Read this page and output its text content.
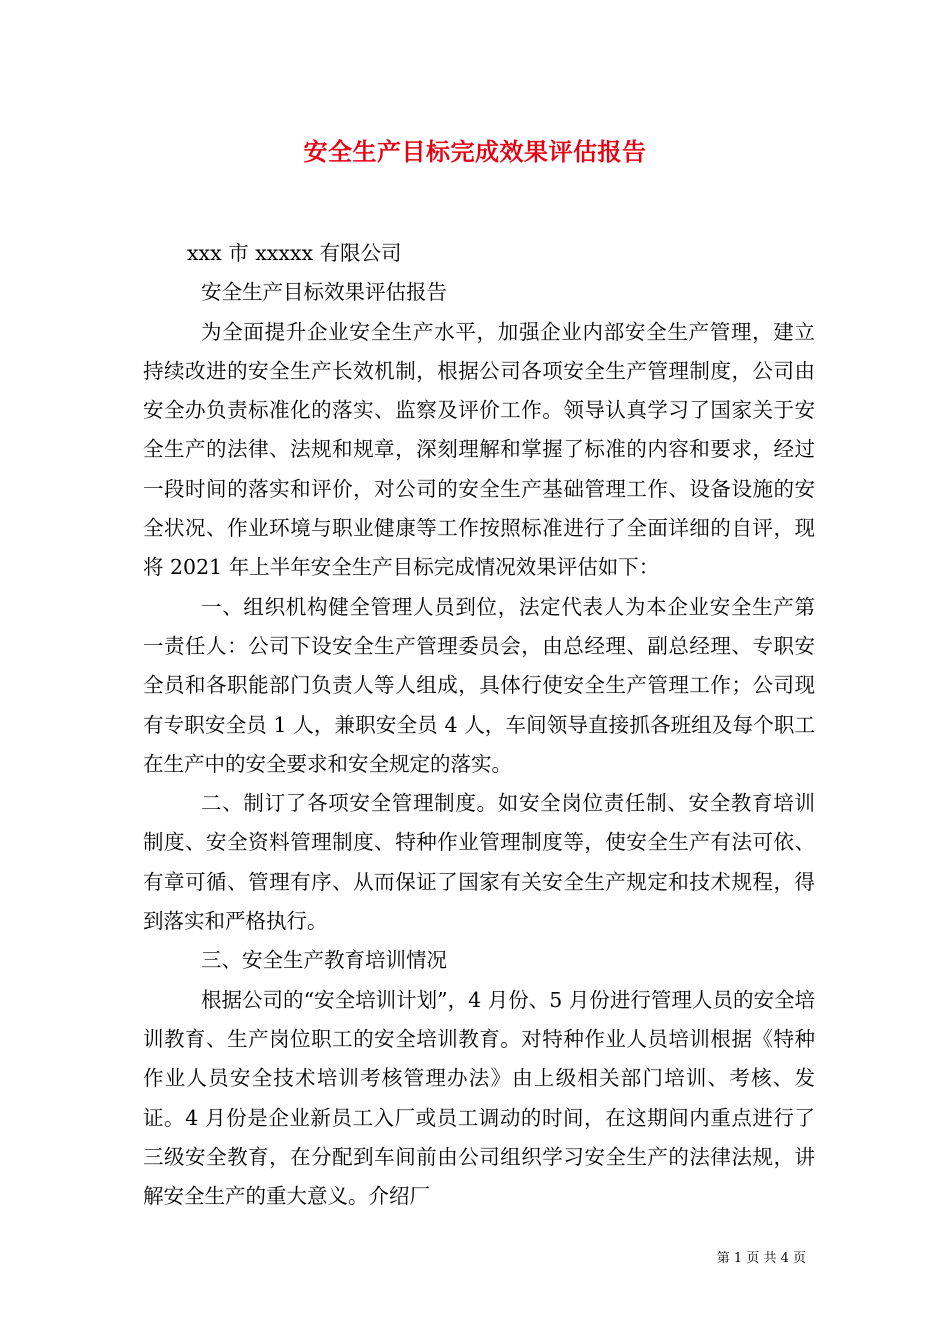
安全生产目标完成效果评估报告

xxx 市 xxxxx 有限公司

安全生产目标效果评估报告

为全面提升企业安全生产水平，加强企业内部安全生产管理，建立持续改进的安全生产长效机制，根据公司各项安全生产管理制度，公司由安全办负责标准化的落实、监察及评价工作。领导认真学习了国家关于安全生产的法律、法规和规章，深刻理解和掌握了标准的内容和要求，经过一段时间的落实和评价，对公司的安全生产基础管理工作、设备设施的安全状况、作业环境与职业健康等工作按照标准进行了全面详细的自评，现将 2021 年上半年安全生产目标完成情况效果评估如下：

一、组织机构健全管理人员到位，法定代表人为本企业安全生产第一责任人：公司下设安全生产管理委员会，由总经理、副总经理、专职安全员和各职能部门负责人等人组成，具体行使安全生产管理工作；公司现有专职安全员 1 人，兼职安全员 4 人，车间领导直接抓各班组及每个职工在生产中的安全要求和安全规定的落实。

二、制订了各项安全管理制度。如安全岗位责任制、安全教育培训制度、安全资料管理制度、特种作业管理制度等，使安全生产有法可依、有章可循、管理有序、从而保证了国家有关安全生产规定和技术规程，得到落实和严格执行。

三、安全生产教育培训情况

根据公司的“安全培训计划”，4 月份、5 月份进行管理人员的安全培训教育、生产岗位职工的安全培训教育。对特种作业人员培训根据《特种作业人员安全技术培训考核管理办法》由上级相关部门培训、考核、发证。4 月份是企业新员工入厂或员工调动的时间，在这期间内重点进行了三级安全教育，在分配到车间前由公司组织学习安全生产的法律法规，讲解安全生产的重大意义。介绍厂

第 1 页 共 4 页
